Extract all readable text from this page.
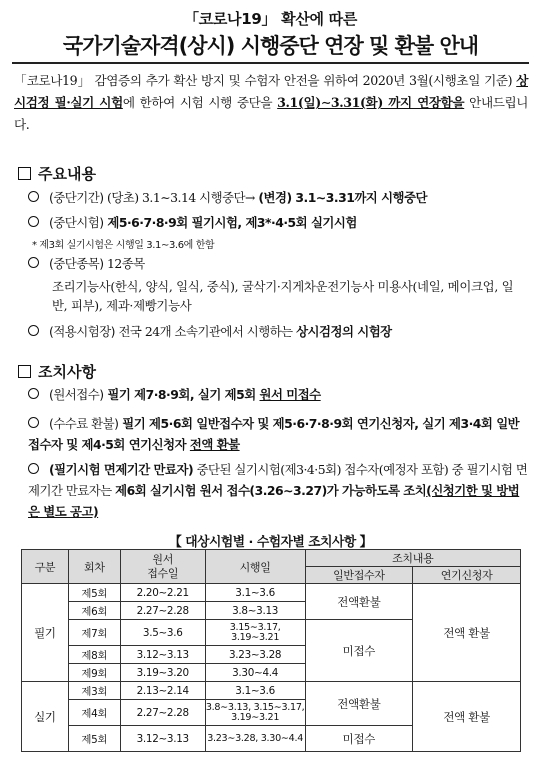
「코로나19」 확산에 따른
국가기술자격(상시) 시행중단 연장 및 환불 안내
「코로나19」 감염증의 추가 확산 방지 및 수험자 안전을 위하여 2020년 3월(시행초일 기준) 상시검정 필·실기 시험에 한하여 시험 시행 중단을 3.1(일)∼3.31(화) 까지 연장함을 안내드립니다.
주요내용
(중단기간) (당초) 3.1∼3.14 시행중단→ (변경) 3.1∼3.31까지 시행중단
(중단시험) 제5·6·7·8·9회 필기시험, 제3*·4·5회 실기시험
* 제3회 실기시험은 시행일 3.1∼3.6에 한함
(중단종목) 12종목
조리기능사(한식, 양식, 일식, 중식), 굴삭기·지게차운전기능사 미용사(네일, 메이크업, 일반, 피부), 제과·제빵기능사
(적용시험장) 전국 24개 소속기관에서 시행하는 상시검정의 시험장
조치사항
(원서접수) 필기 제7·8·9회, 실기 제5회 원서 미접수
(수수료 환불) 필기 제5·6회 일반접수자 및 제5·6·7·8·9회 연기신청자, 실기 제3·4회 일반접수자 및 제4·5회 연기신청자 전액 환불
(필기시험 면제기간 만료자) 중단된 실기시험(제3·4·5회) 접수자(예정자 포함) 중 필기시험 면제기간 만료자는 제6회 실기시험 원서 접수(3.26∼3.27)가 가능하도록 조치(신청기한 및 방법은 별도 공고)
【 대상시험별 · 수험자별 조치사항 】
구분	회차	원서
접수일	시행일	조치내용	
				일반접수자	연기신청자
필기	제5회	2.20∼2.21	3.1∼3.6	전액환불	전액 환불
	제6회	2.27∼2.28	3.8∼3.13		
	제7회	3.5∼3.6	3.15∼3.17, 3.19∼3.21	미접수	
	제8회	3.12∼3.13	3.23∼3.28		
	제9회	3.19∼3.20	3.30∼4.4		
실기	제3회	2.13∼2.14	3.1∼3.6	전액환불	전액 환불
	제4회	2.27∼2.28	3.8∼3.13, 3.15∼3.17, 3.19∼3.21		

	제5회	3.12∼3.13	3.23∼3.28, 3.30∼4.4	미접수	
